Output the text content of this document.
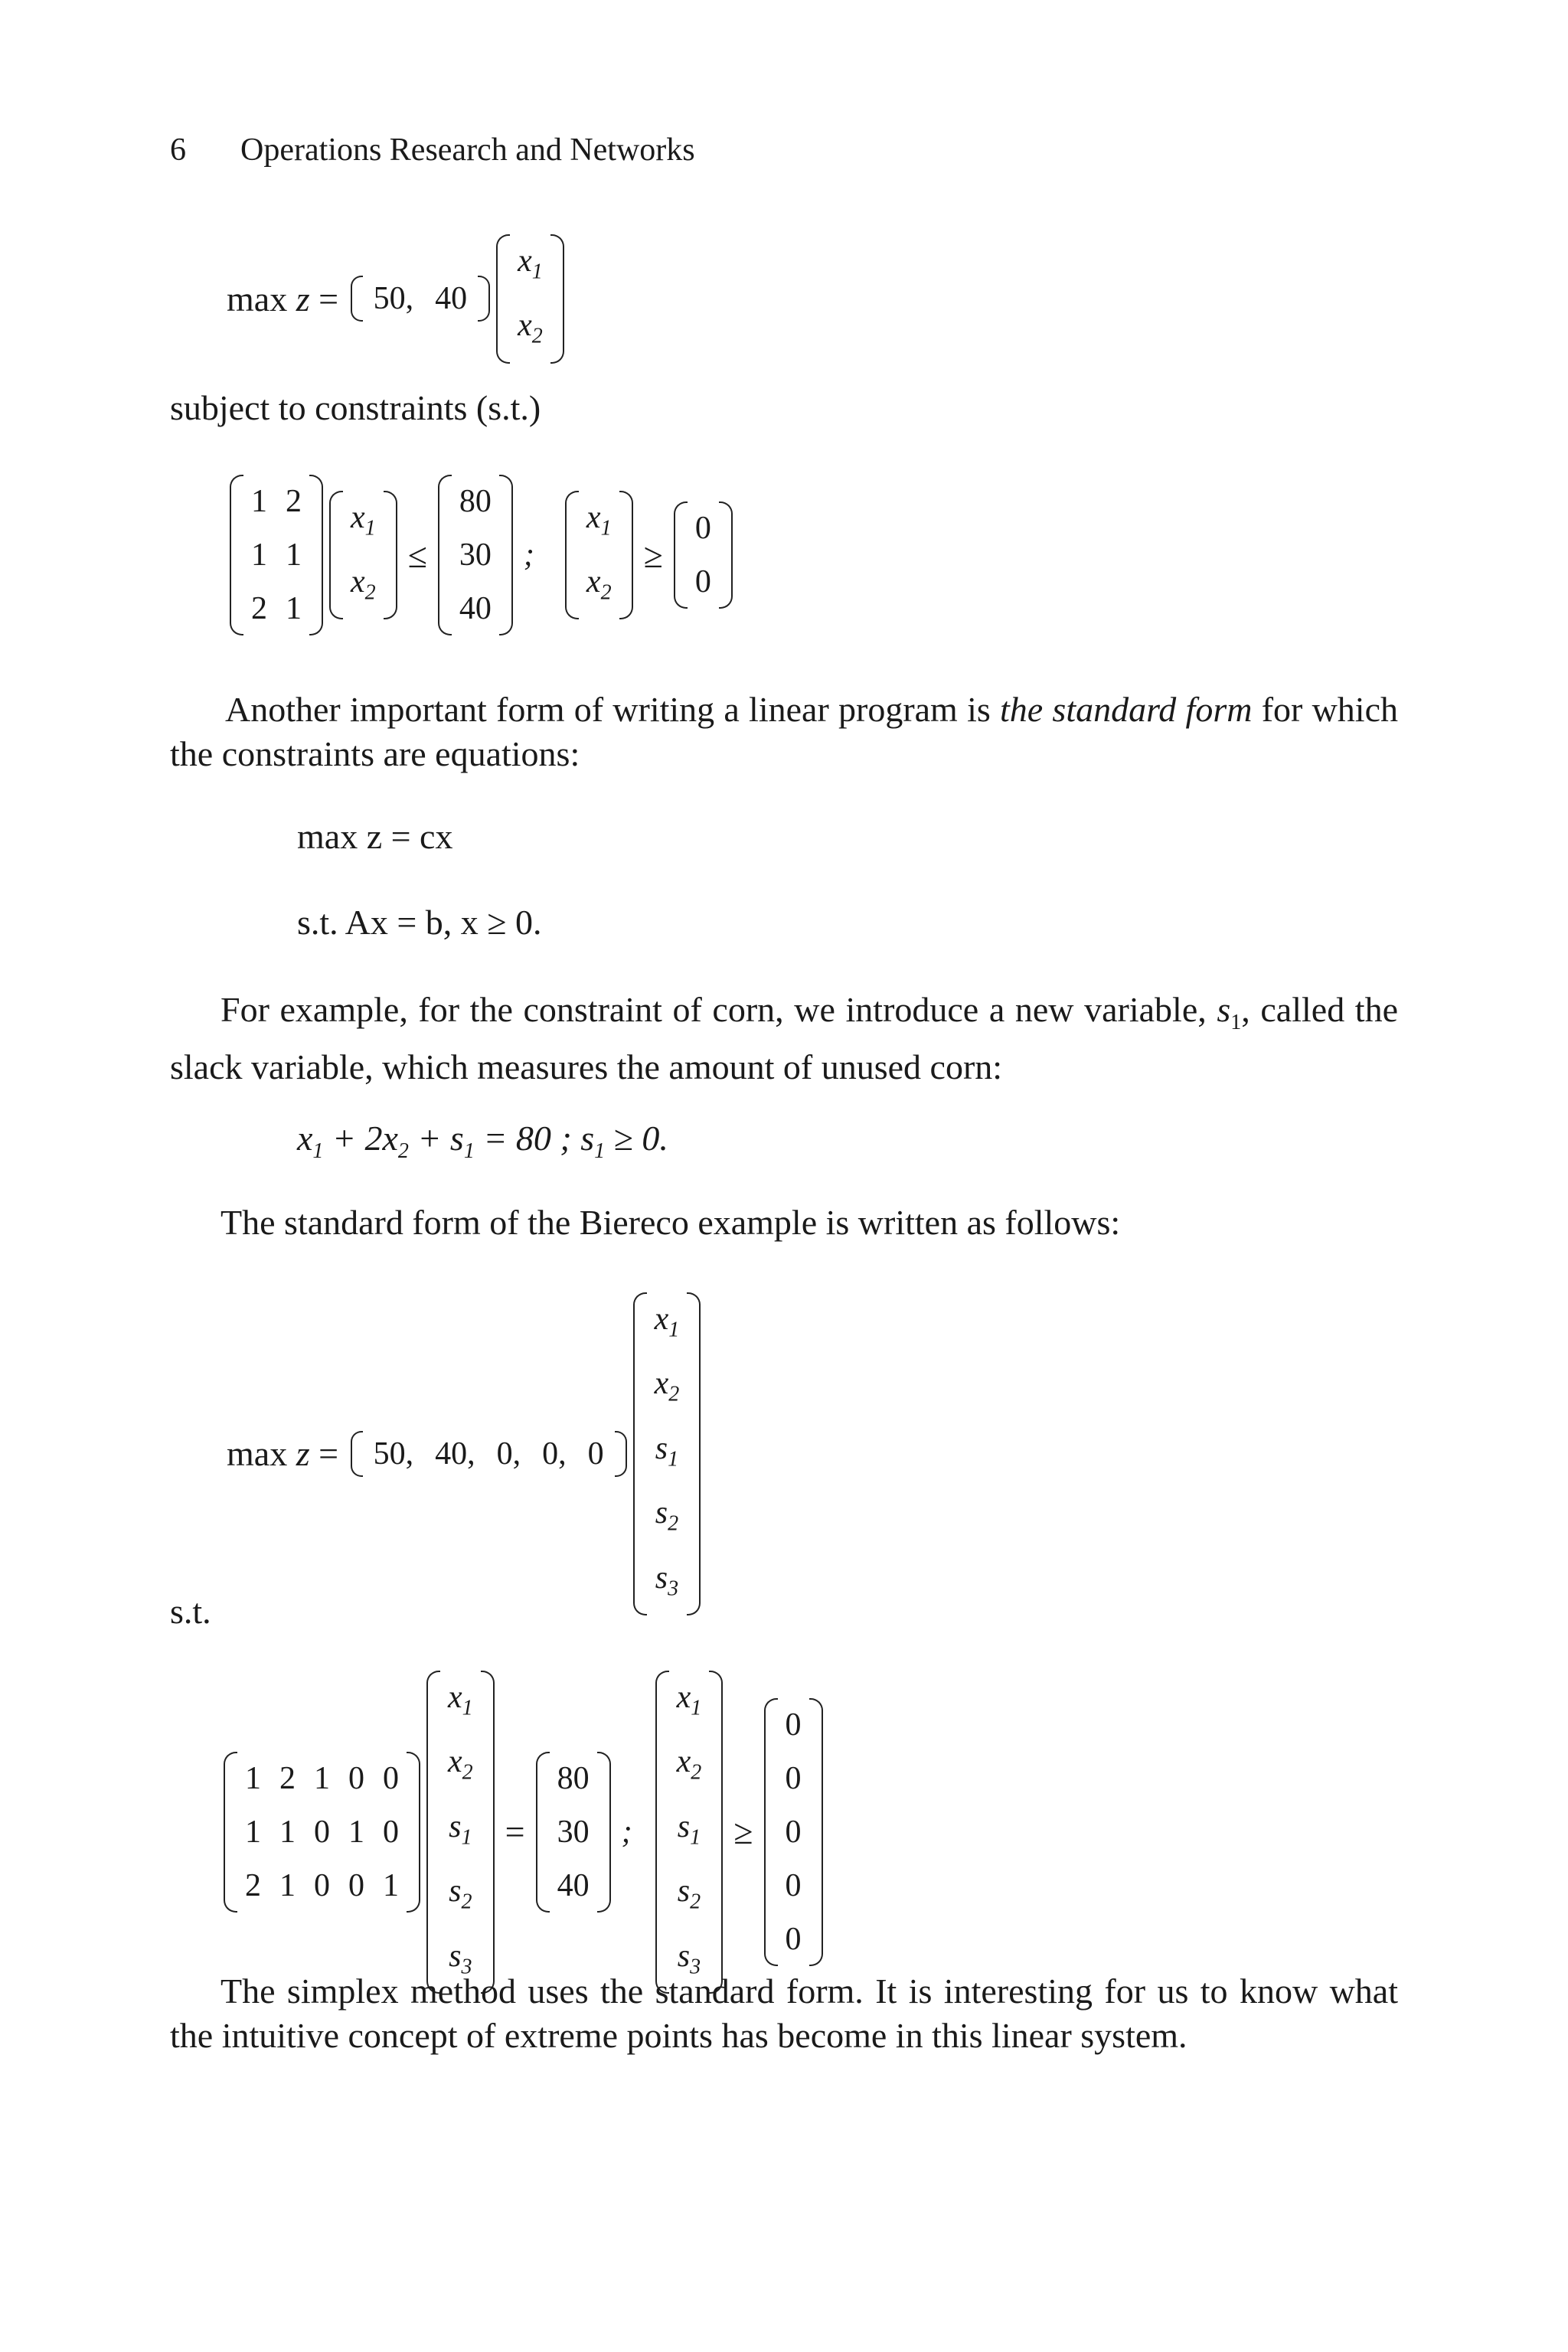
6 Operations Research and Networks
max
z
=
	50, 40
$x_1$
$x_2$
subject to constraints (s.t.)
1	2
1	1
2	1
$x_1$
$x_2$
≤
80
30
40
;
$x_1$
$x_2$
≥
0
0
Another important form of writing a linear program is the standard form for which the constraints are equations:
max z = cx
s.t. Ax = b, x ≥ 0.
For example, for the constraint of corn, we introduce a new variable, $s_1$, called the slack variable, which measures the amount of unused corn:
$x_1 + 2x_2 + s_1 = 80$ ; $s_1 \ge 0$.
The standard form of the Biereco example is written as follows:
max
z
=
	50, 40, 0, 0, 0
$x_1$
$x_2$
$s_1$
$s_2$
$s_3$
s.t.
1	2	1	0	0
1	1	0	1	0
2	1	0	0	1
$x_1$
$x_2$
$s_1$
$s_2$
$s_3$
=
80
30
40
;
$x_1$
$x_2$
$s_1$
$s_2$
$s_3$
≥
0
0
0
0
0
The simplex method uses the standard form. It is interesting for us to know what the intuitive concept of extreme points has become in this linear system.
